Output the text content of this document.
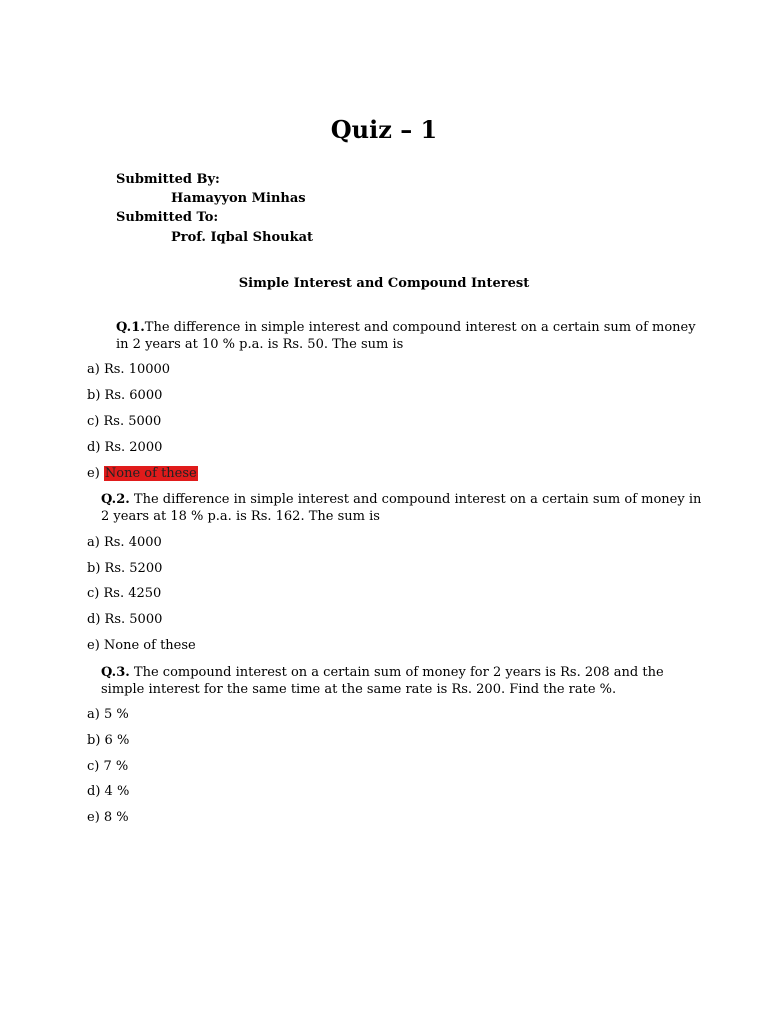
Quiz – 1
Submitted By:
Hamayyon Minhas
Submitted To:
Prof. Iqbal Shoukat
Simple Interest and Compound Interest
Q.1.The difference in simple interest and compound interest on a certain sum of money
in 2 years at 10 % p.a. is Rs. 50. The sum is
a) Rs. 10000
b) Rs. 6000
c) Rs. 5000
d) Rs. 2000
e) None of these
Q.2. The difference in simple interest and compound interest on a certain sum of money in
2 years at 18 % p.a. is Rs. 162. The sum is
a) Rs. 4000
b) Rs. 5200
c) Rs. 4250
d) Rs. 5000
e) None of these
Q.3. The compound interest on a certain sum of money for 2 years is Rs. 208 and the
simple interest for the same time at the same rate is Rs. 200. Find the rate %.
a) 5 %
b) 6 %
c) 7 %
d) 4 %
e) 8 %
